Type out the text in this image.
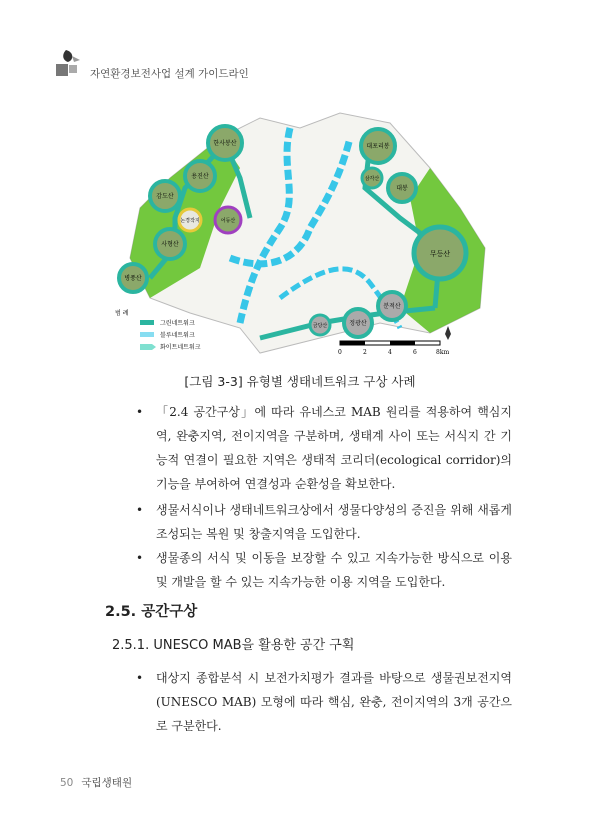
자연환경보전사업 설계 가이드라인
한사봉산
용진산
감도산
사형산
병풍산
어등산
논경작지
대포리봉
삼각산
대봉
무등산
분적산
정광산
금당산
범 례
그린네트워크
블루네트워크
화이트네트워크
0	2	4	6	8km
[그림 3-3] 유형별 생태네트워크 구상 사례
•	「2.4 공간구상」에 따라 유네스코 MAB 원리를 적용하여 핵심지역, 완충지역, 전이지역을 구분하며, 생태계 사이 또는 서식지 간 기능적 연결이 필요한 지역은 생태적 코리더(ecological corridor)의 기능을 부여하여 연결성과 순환성을 확보한다.
•	생물서식이나 생태네트워크상에서 생물다양성의 증진을 위해 새롭게 조성되는 복원 및 창출지역을 도입한다.
•	생물종의 서식 및 이동을 보장할 수 있고 지속가능한 방식으로 이용 및 개발을 할 수 있는 지속가능한 이용 지역을 도입한다.
2.5. 공간구상
2.5.1. UNESCO MAB을 활용한 공간 구획
•	대상지 종합분석 시 보전가치평가 결과를 바탕으로 생물권보전지역(UNESCO MAB) 모형에 따라 핵심, 완충, 전이지역의 3개 공간으로 구분한다.
50 국립생태원
